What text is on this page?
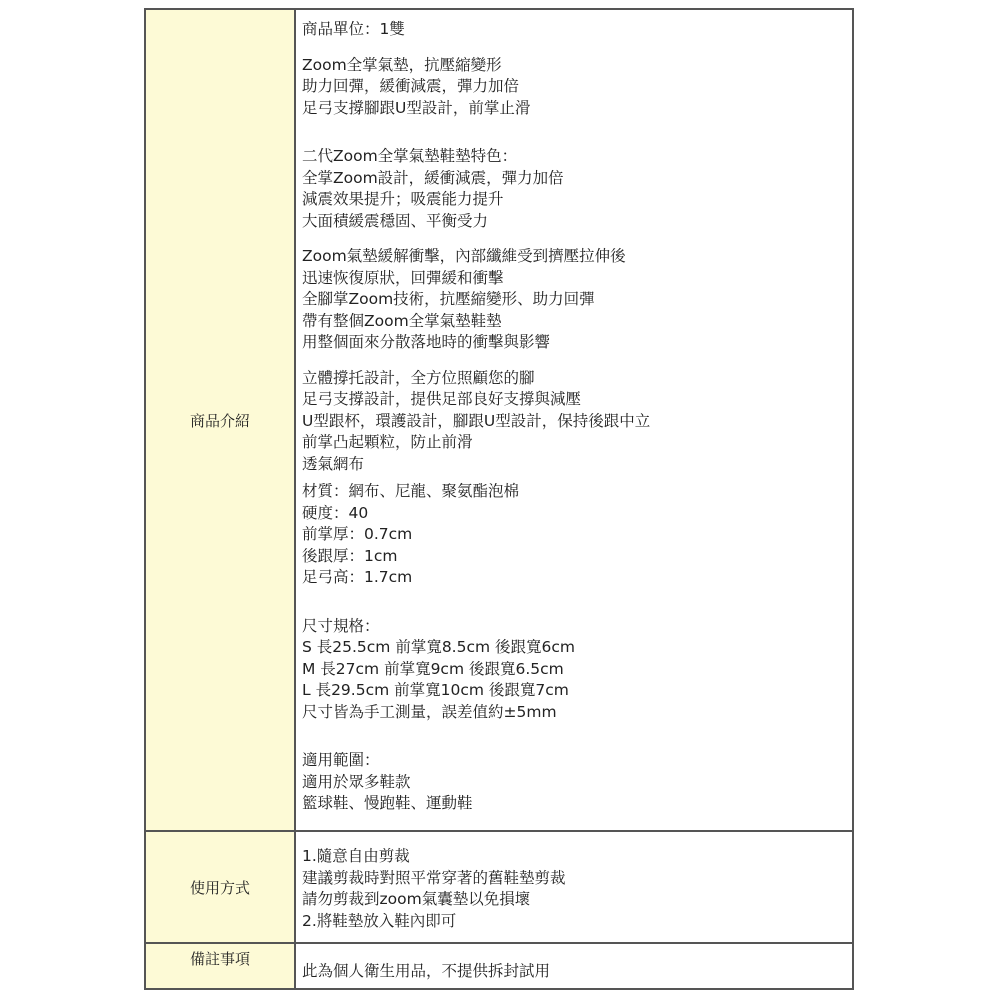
商品介紹
商品單位：1雙
Zoom全掌氣墊，抗壓縮變形
助力回彈，緩衝減震，彈力加倍
足弓支撐腳跟U型設計，前掌止滑
二代Zoom全掌氣墊鞋墊特色：
全掌Zoom設計，緩衝減震，彈力加倍
減震效果提升；吸震能力提升
大面積緩震穩固、平衡受力
Zoom氣墊緩解衝擊，內部纖維受到擠壓拉伸後
迅速恢復原狀，回彈緩和衝擊
全腳掌Zoom技術，抗壓縮變形、助力回彈
帶有整個Zoom全掌氣墊鞋墊
用整個面來分散落地時的衝擊與影響
立體撐托設計，全方位照顧您的腳
足弓支撐設計，提供足部良好支撐與減壓
U型跟杯，環護設計，腳跟U型設計，保持後跟中立
前掌凸起顆粒，防止前滑
透氣網布
材質：網布、尼龍、聚氨酯泡棉
硬度：40
前掌厚：0.7cm
後跟厚：1cm
足弓高：1.7cm
尺寸規格：
S 長25.5cm 前掌寬8.5cm 後跟寬6cm
M 長27cm 前掌寬9cm 後跟寬6.5cm
L 長29.5cm 前掌寬10cm 後跟寬7cm
尺寸皆為手工測量，誤差值約±5mm
適用範圍：
適用於眾多鞋款
籃球鞋、慢跑鞋、運動鞋
使用方式
1.隨意自由剪裁
建議剪裁時對照平常穿著的舊鞋墊剪裁
請勿剪裁到zoom氣囊墊以免損壞
2.將鞋墊放入鞋內即可
備註事項
此為個人衛生用品，不提供拆封試用
